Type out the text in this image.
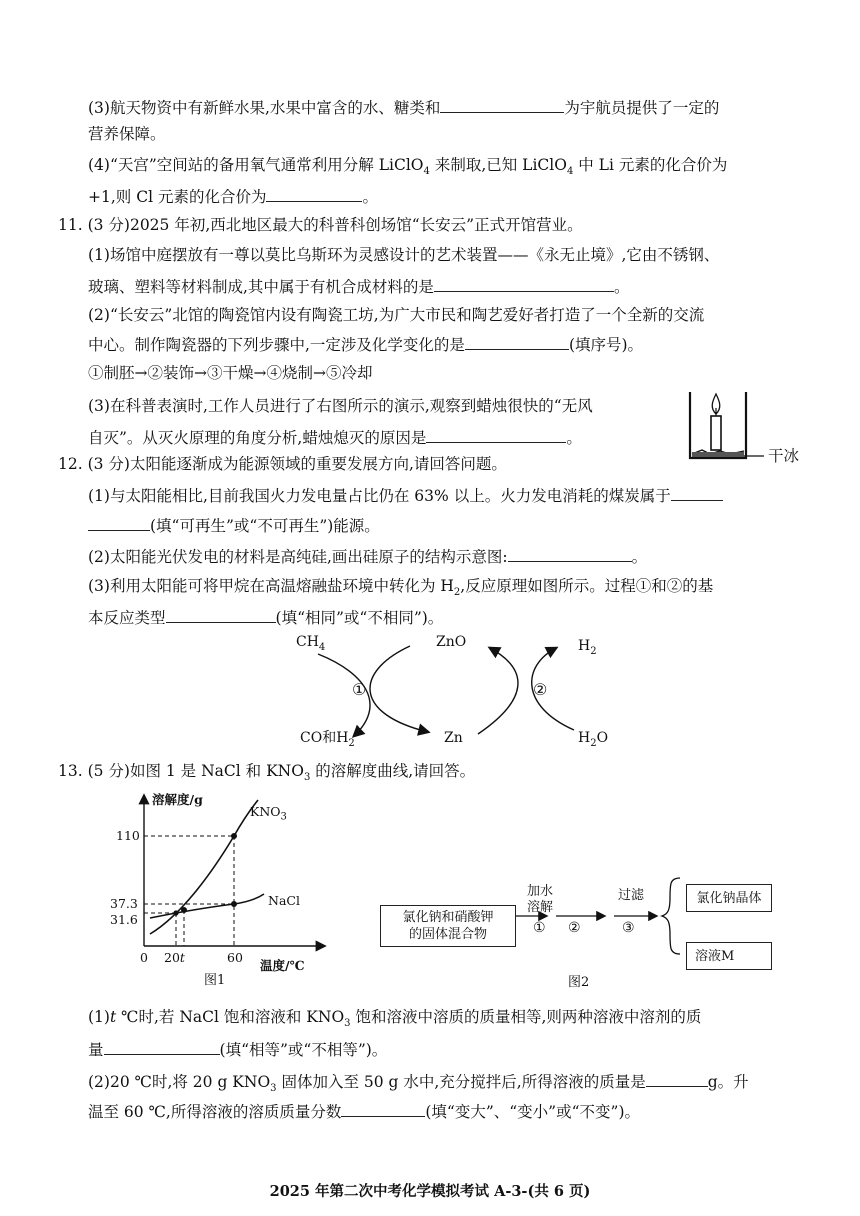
(3)航天物资中有新鲜水果,水果中富含的水、糖类和	为宇航员提供了一定的
营养保障。
(4)“天宫”空间站的备用氧气通常利用分解 LiClO$_4$ 来制取,已知 LiClO$_4$ 中 Li 元素的化合价为
+1,则 Cl 元素的化合价为	。
11. (3 分)2025 年初,西北地区最大的科普科创场馆“长安云”正式开馆营业。
(1)场馆中庭摆放有一尊以莫比乌斯环为灵感设计的艺术装置——《永无止境》,它由不锈钢、
玻璃、塑料等材料制成,其中属于有机合成材料的是	。
(2)“长安云”北馆的陶瓷馆内设有陶瓷工坊,为广大市民和陶艺爱好者打造了一个全新的交流
中心。制作陶瓷器的下列步骤中,一定涉及化学变化的是	(填序号)。
①制胚→②装饰→③干燥→④烧制→⑤冷却
(3)在科普表演时,工作人员进行了右图所示的演示,观察到蜡烛很快的“无风
自灭”。从灭火原理的角度分析,蜡烛熄灭的原因是	。
干冰
12. (3 分)太阳能逐渐成为能源领域的重要发展方向,请回答问题。
(1)与太阳能相比,目前我国火力发电量占比仍在 63% 以上。火力发电消耗的煤炭属于
(填“可再生”或“不可再生”)能源。
(2)太阳能光伏发电的材料是高纯硅,画出硅原子的结构示意图:	。
(3)利用太阳能可将甲烷在高温熔融盐环境中转化为 $H_2$,反应原理如图所示。过程①和②的基
本反应类型	(填“相同”或“不相同”)。
$CH_4$	ZnO	$H_2$
①	②
CO和$H_2$	Zn	$H_2O$
13. (5 分)如图 1 是 NaCl 和 $KNO_3$ 的溶解度曲线,请回答。
溶解度/g
$KNO_3$
NaCl
110
37.3
31.6
0 20t	60
温度/℃
图1
氯化钠和硝酸钾
的固体混合物
加水
溶解
① ②
过滤
③
氯化钠晶体
溶液M
图2
(1)t ℃时,若 NaCl 饱和溶液和 $KNO_3$ 饱和溶液中溶质的质量相等,则两种溶液中溶剂的质
量	(填“相等”或“不相等”)。
(2)20 ℃时,将 20 g $KNO_3$ 固体加入至 50 g 水中,充分搅拌后,所得溶液的质量是	g。升
温至 60 ℃,所得溶液的溶质质量分数	(填“变大”、“变小”或“不变”)。
2025 年第二次中考化学模拟考试 A-3-(共 6 页)
